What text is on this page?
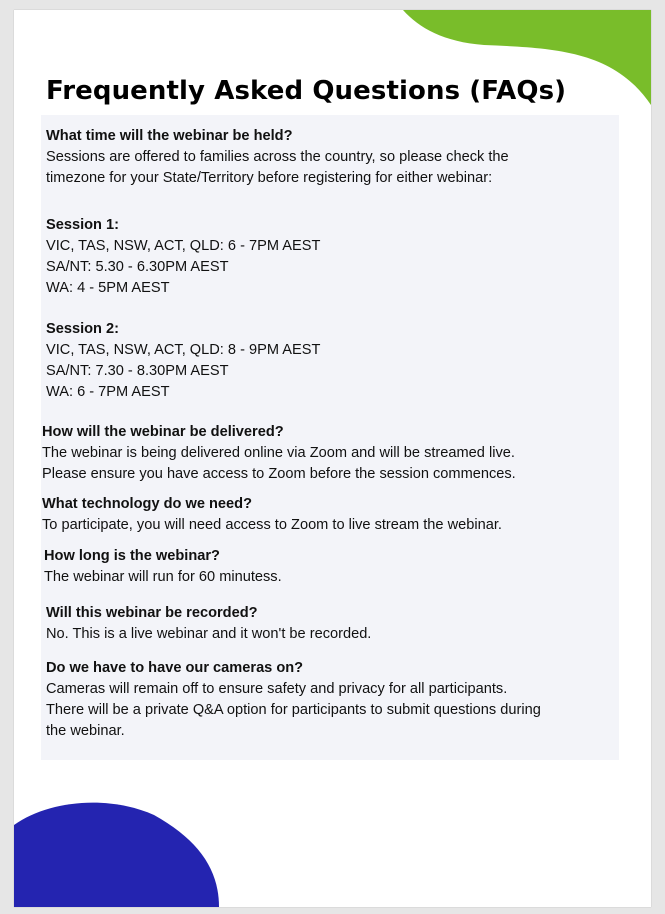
Frequently Asked Questions (FAQs)
What time will the webinar be held?
Sessions are offered to families across the country, so please check the
timezone for your State/Territory before registering for either webinar:
Session 1:
VIC, TAS, NSW, ACT, QLD: 6 - 7PM AEST
SA/NT: 5.30 - 6.30PM AEST
WA: 4 - 5PM AEST
Session 2:
VIC, TAS, NSW, ACT, QLD: 8 - 9PM AEST
SA/NT: 7.30 - 8.30PM AEST
WA: 6 - 7PM AEST
How will the webinar be delivered?
The webinar is being delivered online via Zoom and will be streamed live.
Please ensure you have access to Zoom before the session commences.
What technology do we need?
To participate, you will need access to Zoom to live stream the webinar.
How long is the webinar?
The webinar will run for 60 minutess.
Will this webinar be recorded?
No. This is a live webinar and it won't be recorded.
Do we have to have our cameras on?
Cameras will remain off to ensure safety and privacy for all participants.
There will be a private Q&A option for participants to submit questions during
the webinar.
